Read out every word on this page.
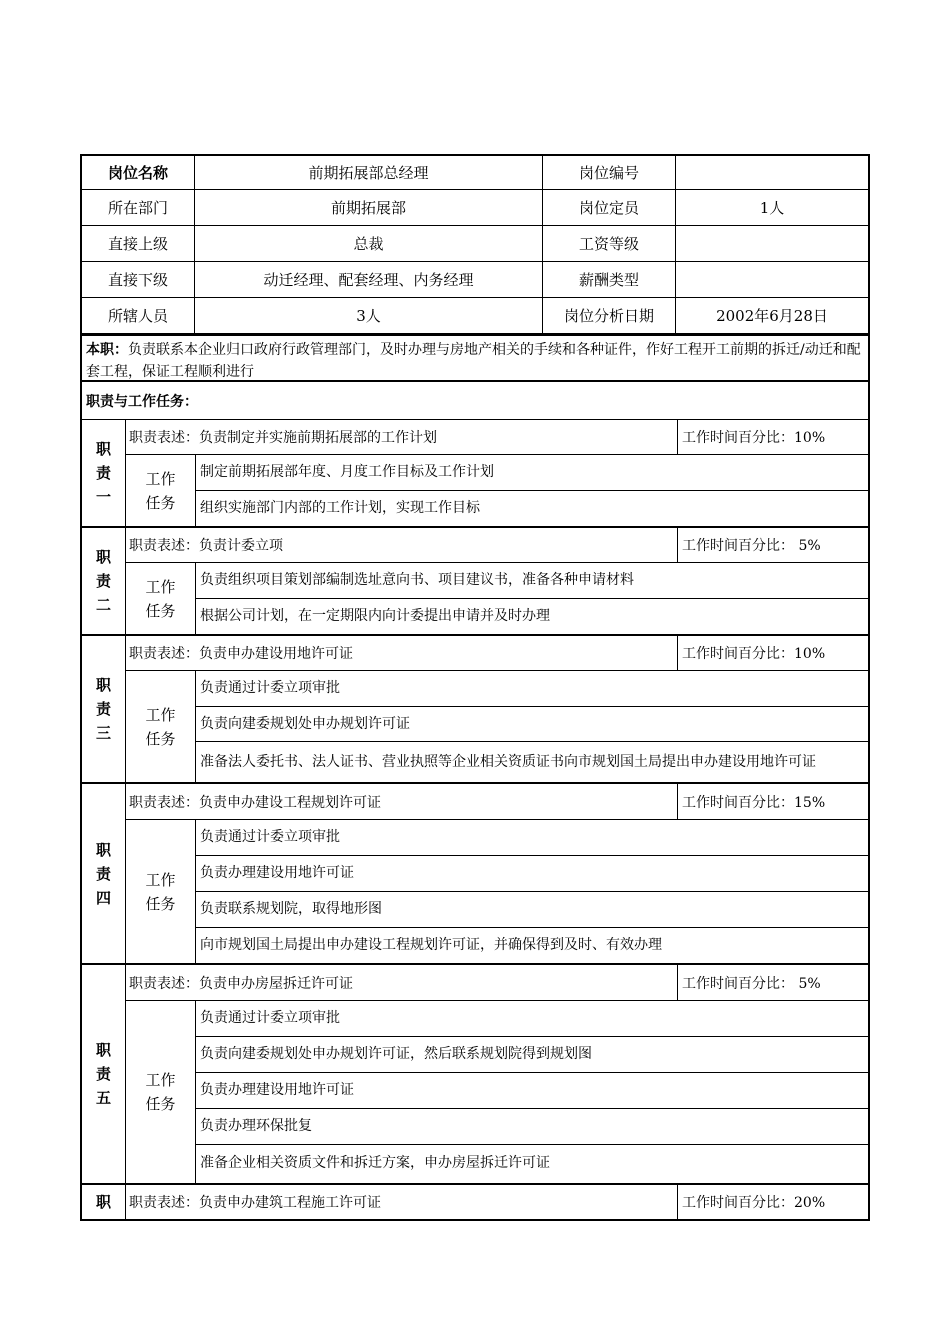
岗位名称	前期拓展部总经理	岗位编号
所在部门	前期拓展部	岗位定员	1人
直接上级	总裁	工资等级
直接下级	动迁经理、配套经理、内务经理	薪酬类型
所辖人员	3人	岗位分析日期	2002年6月28日
本职：负责联系本企业归口政府行政管理部门，及时办理与房地产相关的手续和各种证件，作好工程开工前期的拆迁/动迁和配套工程，保证工程顺利进行
职责与工作任务：
职责一
职责表述：负责制定并实施前期拓展部的工作计划	工作时间百分比：10%
工作任务
制定前期拓展部年度、月度工作目标及工作计划
组织实施部门内部的工作计划，实现工作目标
职责二
职责表述：负责计委立项	工作时间百分比： 5%
工作任务
负责组织项目策划部编制选址意向书、项目建议书，准备各种申请材料
根据公司计划，在一定期限内向计委提出申请并及时办理
职责三
职责表述：负责申办建设用地许可证	工作时间百分比：10%
工作任务
负责通过计委立项审批
负责向建委规划处申办规划许可证
准备法人委托书、法人证书、营业执照等企业相关资质证书向市规划国土局提出申办建设用地许可证
职责四
职责表述：负责申办建设工程规划许可证	工作时间百分比：15%
工作任务
负责通过计委立项审批
负责办理建设用地许可证
负责联系规划院，取得地形图
向市规划国土局提出申办建设工程规划许可证，并确保得到及时、有效办理
职责五
职责表述：负责申办房屋拆迁许可证	工作时间百分比： 5%
工作任务
负责通过计委立项审批
负责向建委规划处申办规划许可证，然后联系规划院得到规划图
负责办理建设用地许可证
负责办理环保批复
准备企业相关资质文件和拆迁方案，申办房屋拆迁许可证
职 职责表述：负责申办建筑工程施工许可证	工作时间百分比：20%
